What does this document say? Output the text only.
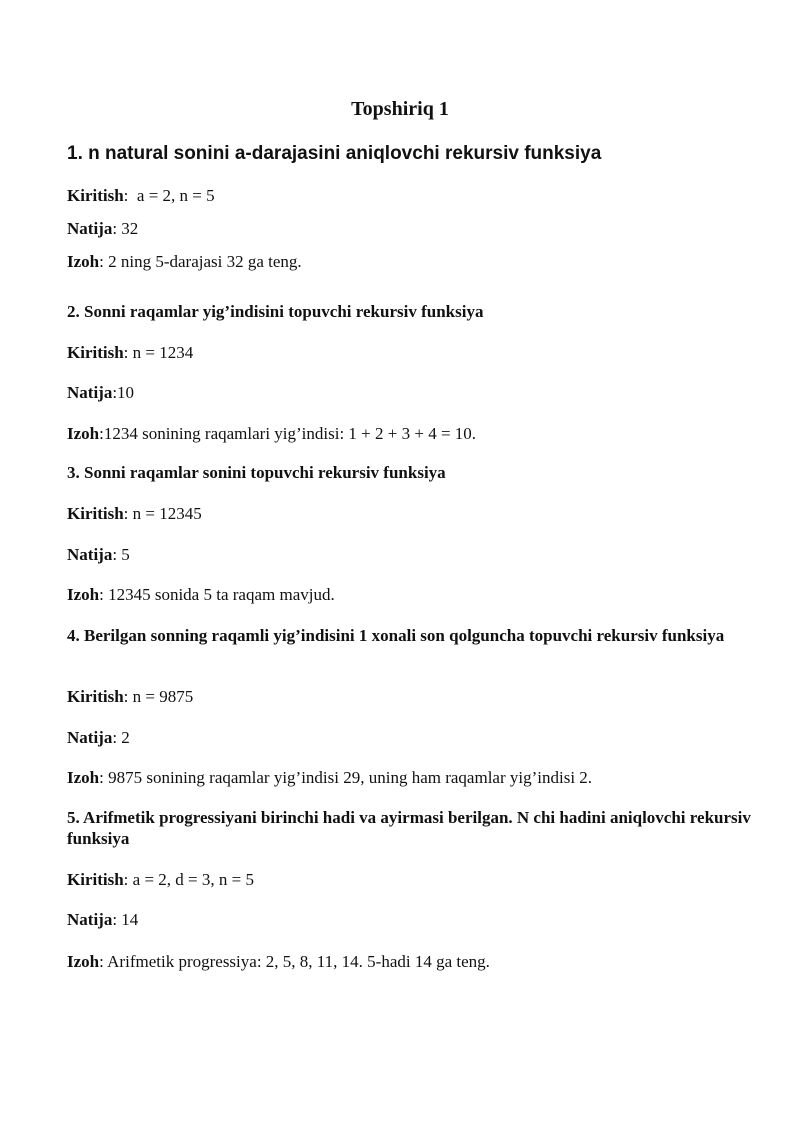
Topshiriq 1
1. n natural sonini a-darajasini aniqlovchi rekursiv funksiya
Kiritish:  a = 2, n = 5
Natija: 32
Izoh: 2 ning 5-darajasi 32 ga teng.
2. Sonni raqamlar yig’indisini topuvchi rekursiv funksiya
Kiritish: n = 1234
Natija:10
Izoh:1234 sonining raqamlari yig’indisi: 1 + 2 + 3 + 4 = 10.
3. Sonni raqamlar sonini topuvchi rekursiv funksiya
Kiritish: n = 12345
Natija: 5
Izoh: 12345 sonida 5 ta raqam mavjud.
4. Berilgan sonning raqamli yig’indisini 1 xonali son qolguncha topuvchi rekursiv funksiya
Kiritish: n = 9875
Natija: 2
Izoh: 9875 sonining raqamlar yig’indisi 29, uning ham raqamlar yig’indisi 2.
5. Arifmetik progressiyani birinchi hadi va ayirmasi berilgan. N chi hadini aniqlovchi rekursiv funksiya
Kiritish: a = 2, d = 3, n = 5
Natija: 14
Izoh: Arifmetik progressiya: 2, 5, 8, 11, 14. 5-hadi 14 ga teng.
